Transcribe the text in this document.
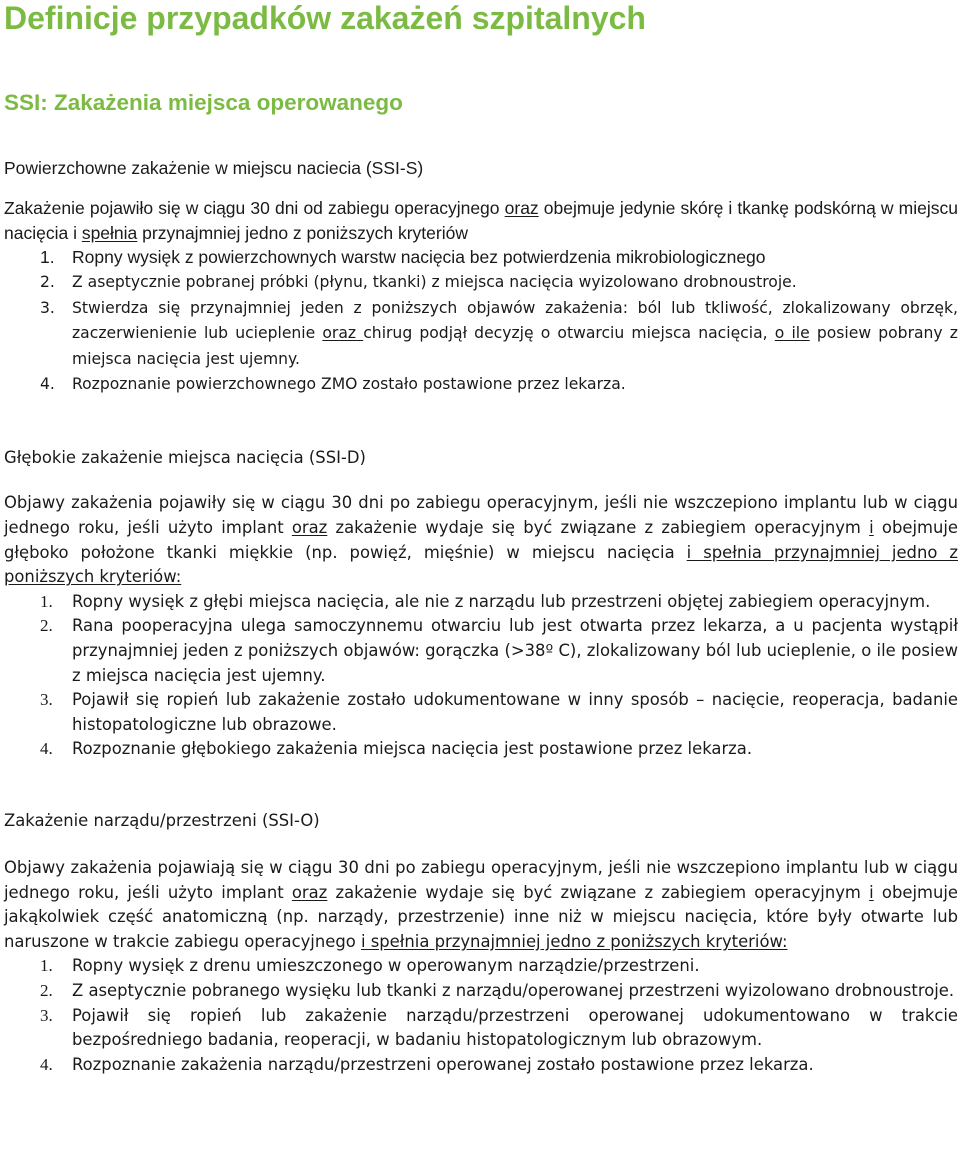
Definicje przypadków zakażeń szpitalnych
SSI: Zakażenia miejsca operowanego
Powierzchowne zakażenie w miejscu naciecia (SSI-S)

Zakażenie pojawiło się w ciągu 30 dni od zabiegu operacyjnego oraz obejmuje jedynie skórę i tkankę podskórną w miejscu nacięcia i spełnia przynajmniej jedno z poniższych kryteriów

1. Ropny wysięk z powierzchownych warstw nacięcia bez potwierdzenia mikrobiologicznego
2. Z aseptycznie pobranej próbki (płynu, tkanki) z miejsca nacięcia wyizolowano drobnoustroje.
3. Stwierdza się przynajmniej jeden z poniższych objawów zakażenia: ból lub tkliwość, zlokalizowany obrzęk, zaczerwienienie lub ucieplenie oraz chirug podjął decyzję o otwarciu miejsca nacięcia, o ile posiew pobrany z miejsca nacięcia jest ujemny.
4. Rozpoznanie powierzchownego ZMO zostało postawione przez lekarza.
Głębokie zakażenie miejsca nacięcia (SSI-D)

Objawy zakażenia pojawiły się w ciągu 30 dni po zabiegu operacyjnym, jeśli nie wszczepiono implantu lub w ciągu jednego roku, jeśli użyto implant oraz zakażenie wydaje się być związane z zabiegiem operacyjnym i obejmuje głęboko położone tkanki miękkie (np. powięź, mięśnie) w miejscu nacięcia i spełnia przynajmniej jedno z poniższych kryteriów:

1. Ropny wysięk z głębi miejsca nacięcia, ale nie z narządu lub przestrzeni objętej zabiegiem operacyjnym.
2. Rana pooperacyjna ulega samoczynnemu otwarciu lub jest otwarta przez lekarza, a u pacjenta wystąpił przynajmniej jeden z poniższych objawów: gorączka (>38º C), zlokalizowany ból lub ucieplenie, o ile posiew z miejsca nacięcia jest ujemny.
3. Pojawił się ropień lub zakażenie zostało udokumentowane w inny sposób – nacięcie, reoperacja, badanie histopatologiczne lub obrazowe.
4. Rozpoznanie głębokiego zakażenia miejsca nacięcia jest postawione przez lekarza.
Zakażenie narządu/przestrzeni (SSI-O)

Objawy zakażenia pojawiają się w ciągu 30 dni po zabiegu operacyjnym, jeśli nie wszczepiono implantu lub w ciągu jednego roku, jeśli użyto implant oraz zakażenie wydaje się być związane z zabiegiem operacyjnym i obejmuje jakąkolwiek część anatomiczną (np. narządy, przestrzenie) inne niż w miejscu nacięcia, które były otwarte lub naruszone w trakcie zabiegu operacyjnego i spełnia przynajmniej jedno z poniższych kryteriów:

1. Ropny wysięk z drenu umieszczonego w operowanym narządzie/przestrzeni.
2. Z aseptycznie pobranego wysięku lub tkanki z narządu/operowanej przestrzeni wyizolowano drobnoustroje.
3. Pojawił się ropień lub zakażenie narządu/przestrzeni operowanej udokumentowano w trakcie bezpośredniego badania, reoperacji, w badaniu histopatologicznym lub obrazowym.
4. Rozpoznanie zakażenia narządu/przestrzeni operowanej zostało postawione przez lekarza.
